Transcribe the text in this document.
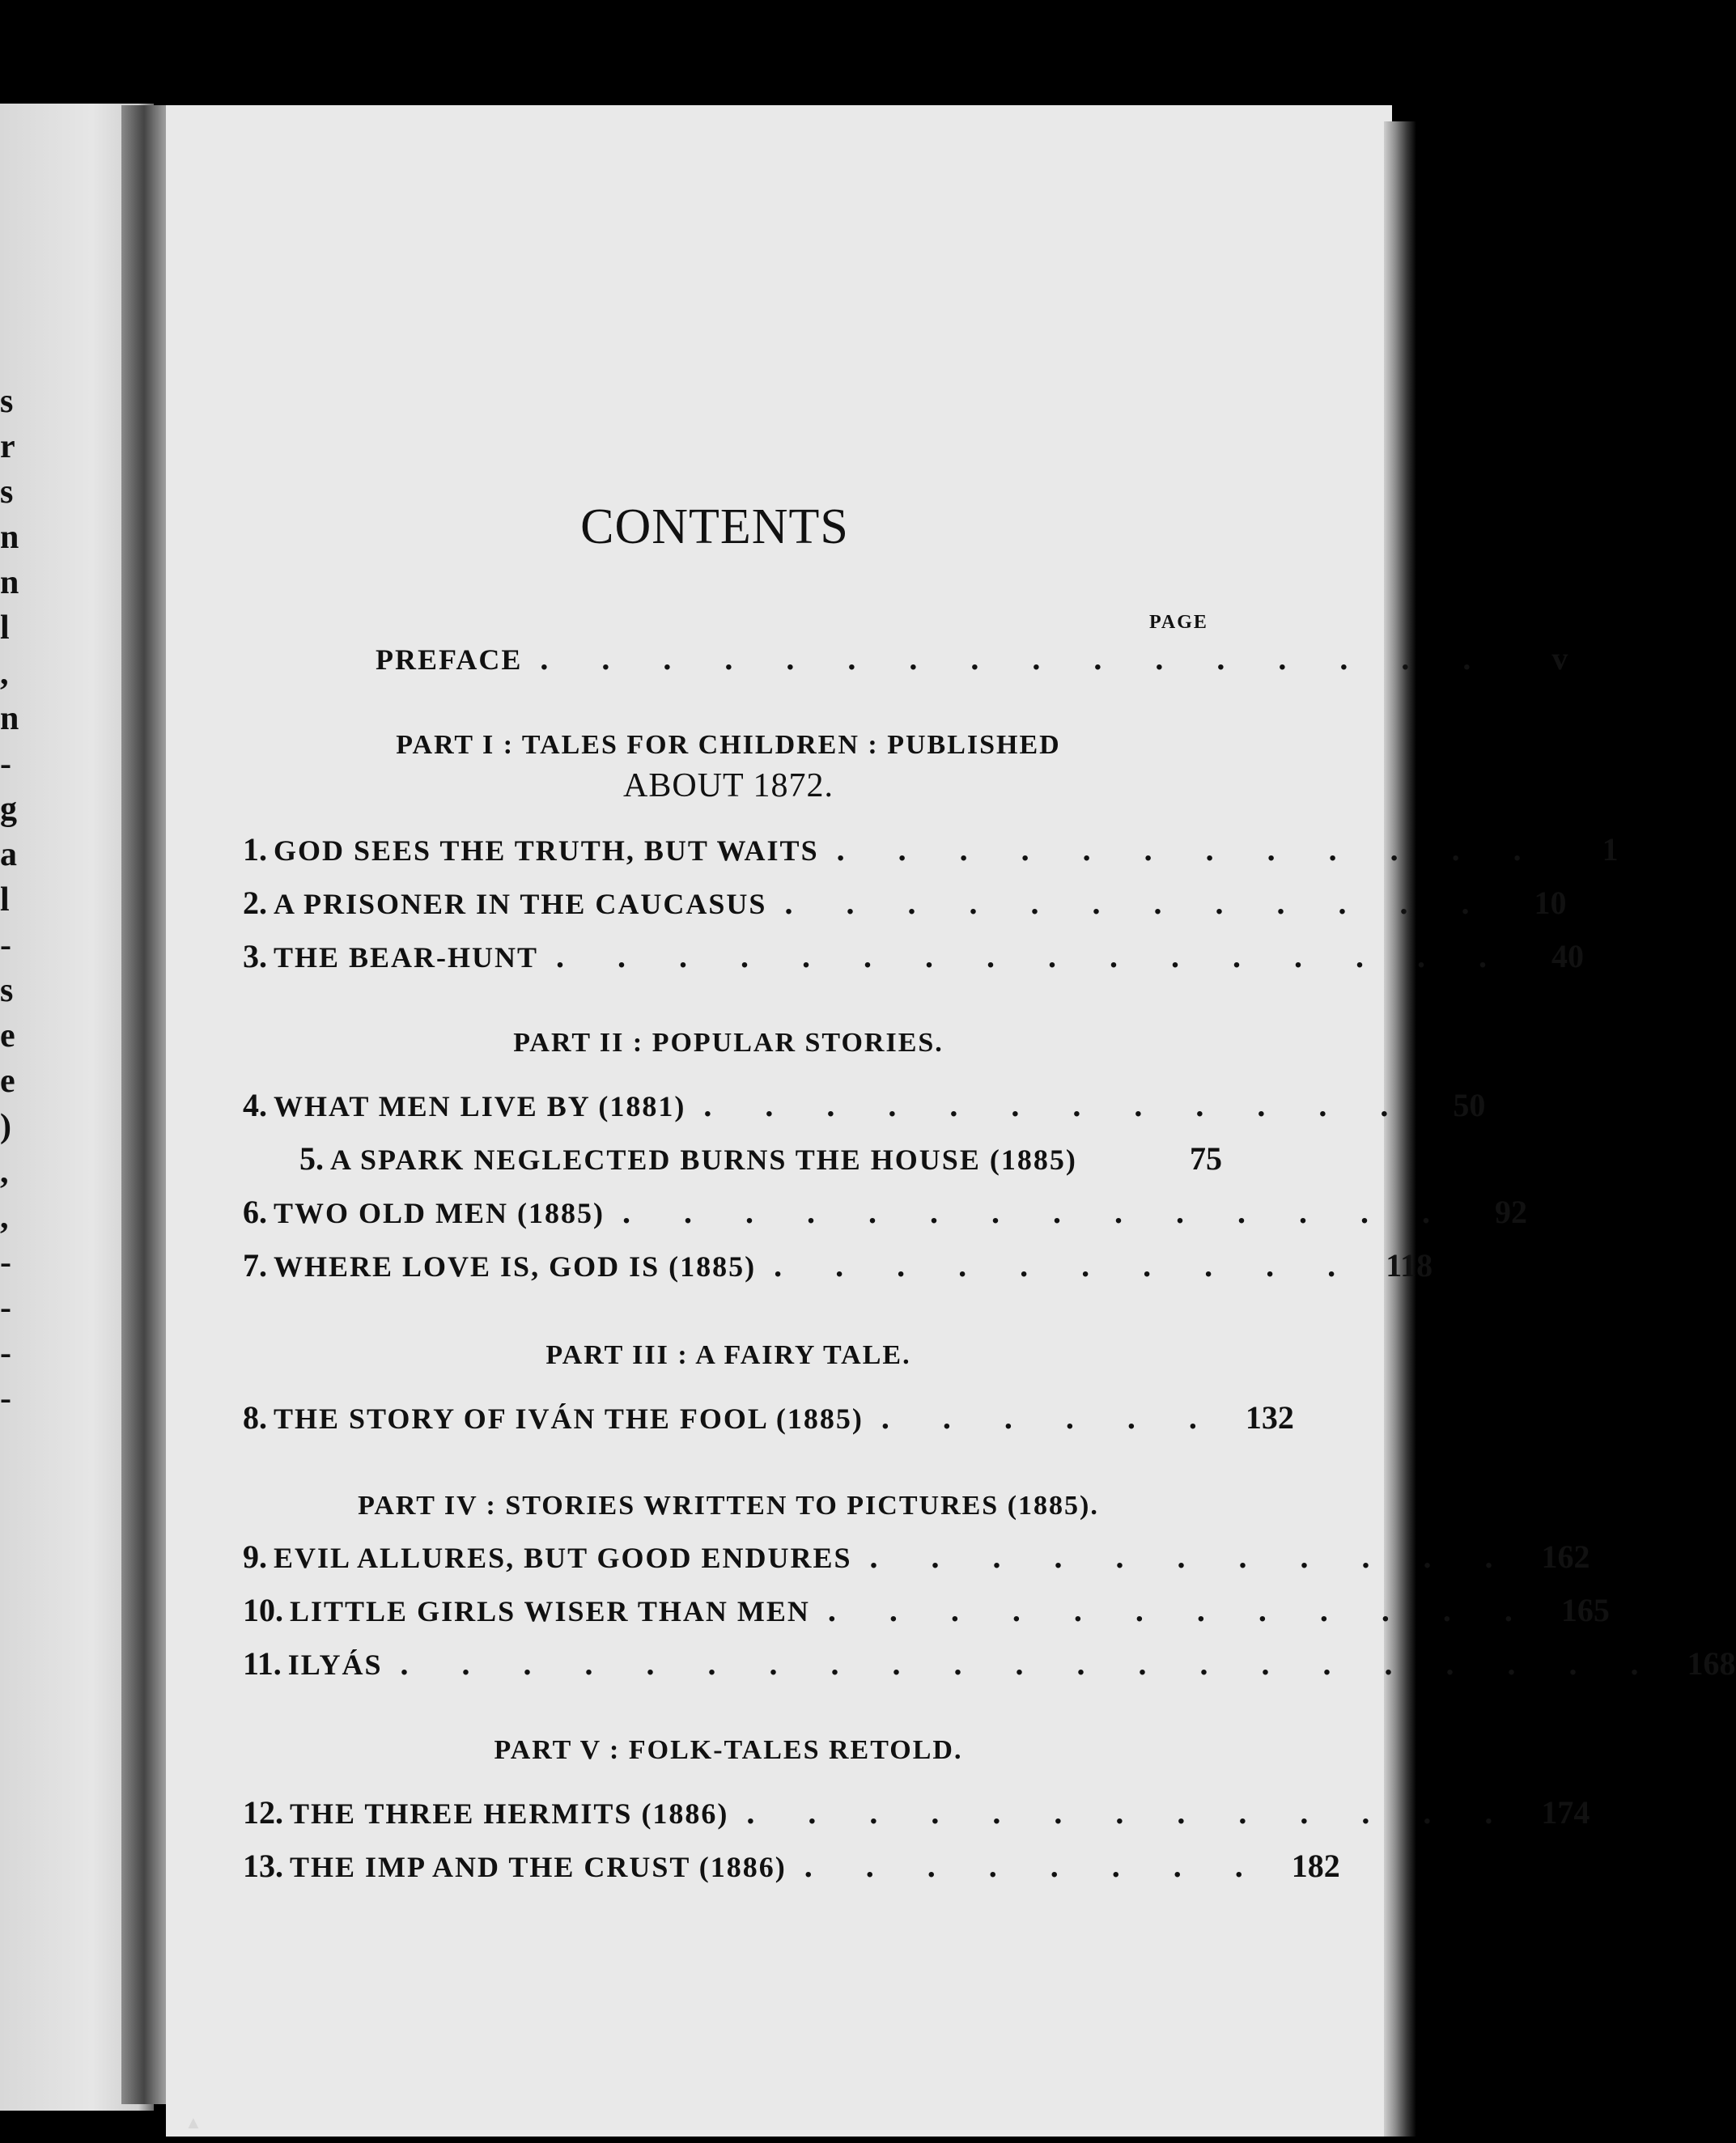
s
r
s
n
n
l
,
n
-
g
a
l
-
s
e
e
)
,
,
-
-
-
-
CONTENTS
PAGE
PREFACE . . . . . . . . . . . . . . . .	v
PART I : TALES FOR CHILDREN : PUBLISHED
ABOUT 1872.
1. GOD SEES THE TRUTH, BUT WAITS . . . . . . . . . . . .	1
2. A PRISONER IN THE CAUCASUS . . . . . . . . . . . .	10
3. THE BEAR-HUNT . . . . . . . . . . . . . . . .	40
PART II : POPULAR STORIES.
4. WHAT MEN LIVE BY (1881) . . . . . . . . . . . .	50
5. A SPARK NEGLECTED BURNS THE HOUSE (1885)	75
6. TWO OLD MEN (1885) . . . . . . . . . . . . . .	92
7. WHERE LOVE IS, GOD IS (1885) . . . . . . . . . . 118
PART III : A FAIRY TALE.
8. THE STORY OF IVÁN THE FOOL (1885) . . . . . . 132
PART IV : STORIES WRITTEN TO PICTURES (1885).
9. EVIL ALLURES, BUT GOOD ENDURES . . . . . . . . . . . 162
10. LITTLE GIRLS WISER THAN MEN . . . . . . . . . . . . 165
11. ILYÁS . . . . . . . . . . . . . . . . . . . . . 168
PART V : FOLK-TALES RETOLD.
12. THE THREE HERMITS (1886) . . . . . . . . . . . . . 174
13. THE IMP AND THE CRUST (1886) . . . . . . . . 182
▲
